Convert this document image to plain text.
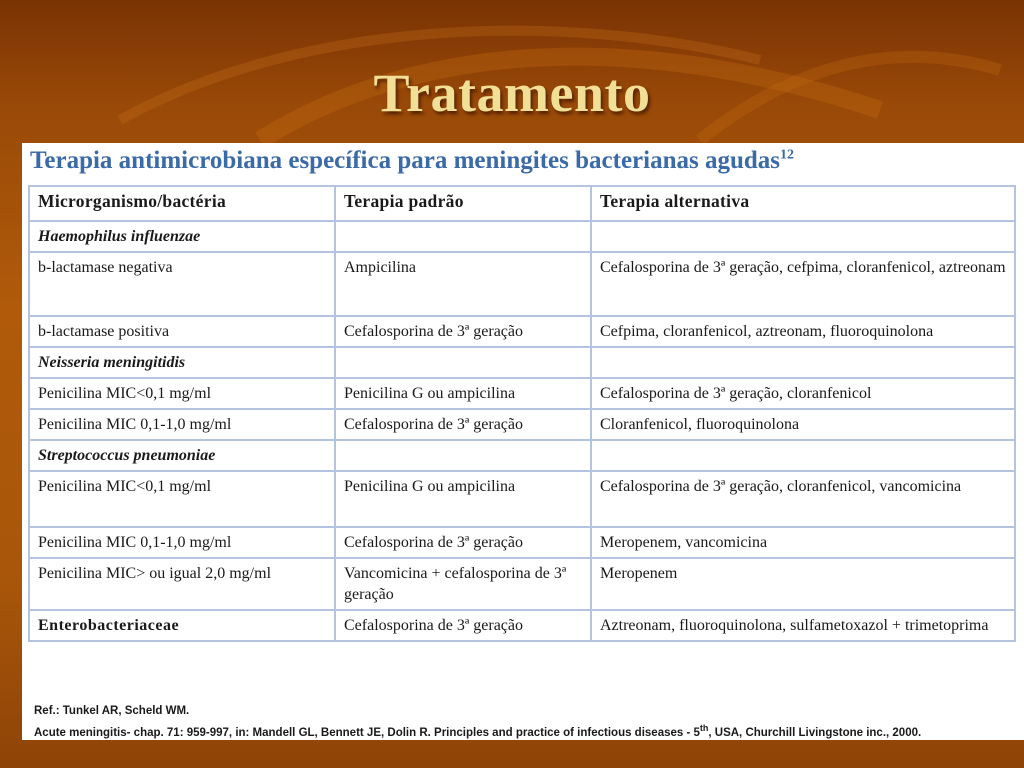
Tratamento
Terapia antimicrobiana específica para meningites bacterianas agudas$^{12}$
Microrganismo/bactéria	Terapia padrão	Terapia alternativa
Haemophilus influenzae		
b-lactamase negativa	Ampicilina	Cefalosporina de 3ª geração, cefpima, cloranfenicol, aztreonam
b-lactamase positiva	Cefalosporina de 3ª geração	Cefpima, cloranfenicol, aztreonam, fluoroquinolona
Neisseria meningitidis		
Penicilina MIC<0,1 mg/ml	Penicilina G ou ampicilina	Cefalosporina de 3ª geração, cloranfenicol
Penicilina MIC 0,1-1,0 mg/ml	Cefalosporina de 3ª geração	Cloranfenicol, fluoroquinolona
Streptococcus pneumoniae		
Penicilina MIC<0,1 mg/ml	Penicilina G ou ampicilina	Cefalosporina de 3ª geração, cloranfenicol, vancomicina
Penicilina MIC 0,1-1,0 mg/ml	Cefalosporina de 3ª geração	Meropenem, vancomicina
Penicilina MIC> ou igual 2,0 mg/ml	Vancomicina + cefalosporina de 3ª geração	Meropenem
Enterobacteriaceae	Cefalosporina de 3ª geração	Aztreonam, fluoroquinolona, sulfametoxazol + trimetoprima
Ref.: Tunkel AR, Scheld WM.
Acute meningitis- chap. 71: 959-997, in: Mandell GL, Bennett JE, Dolin R. Principles and practice of infectious diseases - 5th, USA, Churchill Livingstone inc., 2000.
